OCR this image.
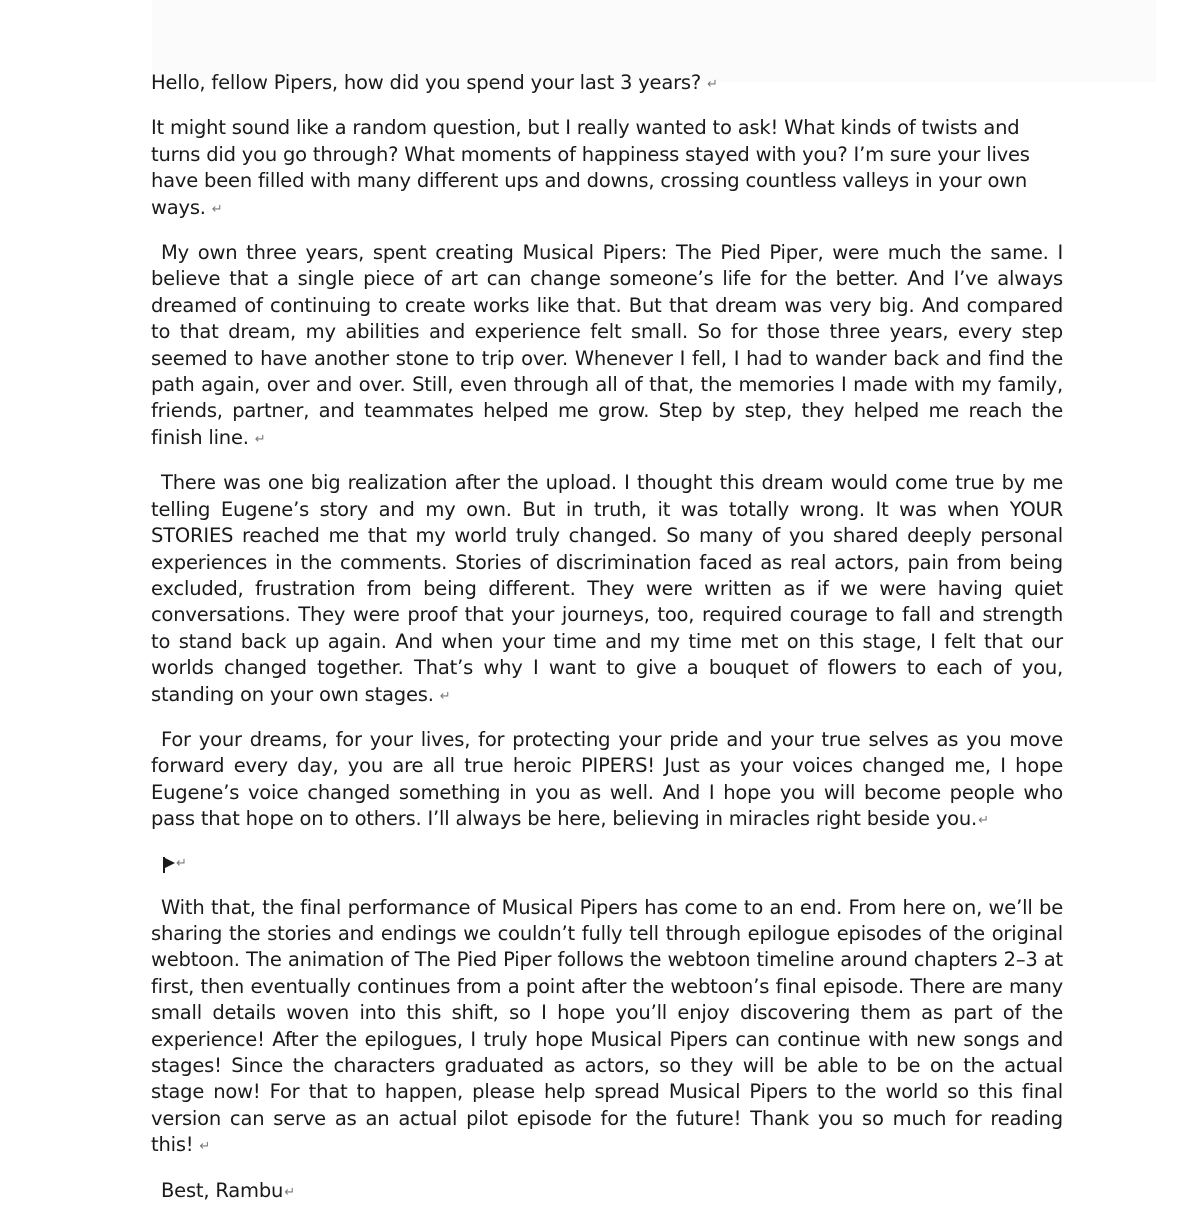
Hello, fellow Pipers, how did you spend your last 3 years? ↵

It might sound like a random question, but I really wanted to ask! What kinds of twists and turns did you go through? What moments of happiness stayed with you? I’m sure your lives have been filled with many different ups and downs, crossing countless valleys in your own ways. ↵

My own three years, spent creating Musical Pipers: The Pied Piper, were much the same. I believe that a single piece of art can change someone’s life for the better. And I’ve always dreamed of continuing to create works like that. But that dream was very big. And compared to that dream, my abilities and experience felt small. So for those three years, every step seemed to have another stone to trip over. Whenever I fell, I had to wander back and find the path again, over and over. Still, even through all of that, the memories I made with my family, friends, partner, and teammates helped me grow. Step by step, they helped me reach the finish line. ↵

There was one big realization after the upload. I thought this dream would come true by me telling Eugene’s story and my own. But in truth, it was totally wrong. It was when YOUR STORIES reached me that my world truly changed. So many of you shared deeply personal experiences in the comments. Stories of discrimination faced as real actors, pain from being excluded, frustration from being different. They were written as if we were having quiet conversations. They were proof that your journeys, too, required courage to fall and strength to stand back up again. And when your time and my time met on this stage, I felt that our worlds changed together. That’s why I want to give a bouquet of flowers to each of you, standing on your own stages. ↵

For your dreams, for your lives, for protecting your pride and your true selves as you move forward every day, you are all true heroic PIPERS! Just as your voices changed me, I hope Eugene’s voice changed something in you as well. And I hope you will become people who pass that hope on to others. I’ll always be here, believing in miracles right beside you.↵

↵

With that, the final performance of Musical Pipers has come to an end. From here on, we’ll be sharing the stories and endings we couldn’t fully tell through epilogue episodes of the original webtoon. The animation of The Pied Piper follows the webtoon timeline around chapters 2–3 at first, then eventually continues from a point after the webtoon’s final episode. There are many small details woven into this shift, so I hope you’ll enjoy discovering them as part of the experience! After the epilogues, I truly hope Musical Pipers can continue with new songs and stages! Since the characters graduated as actors, so they will be able to be on the actual stage now! For that to happen, please help spread Musical Pipers to the world so this final version can serve as an actual pilot episode for the future! Thank you so much for reading this! ↵

Best, Rambu↵
